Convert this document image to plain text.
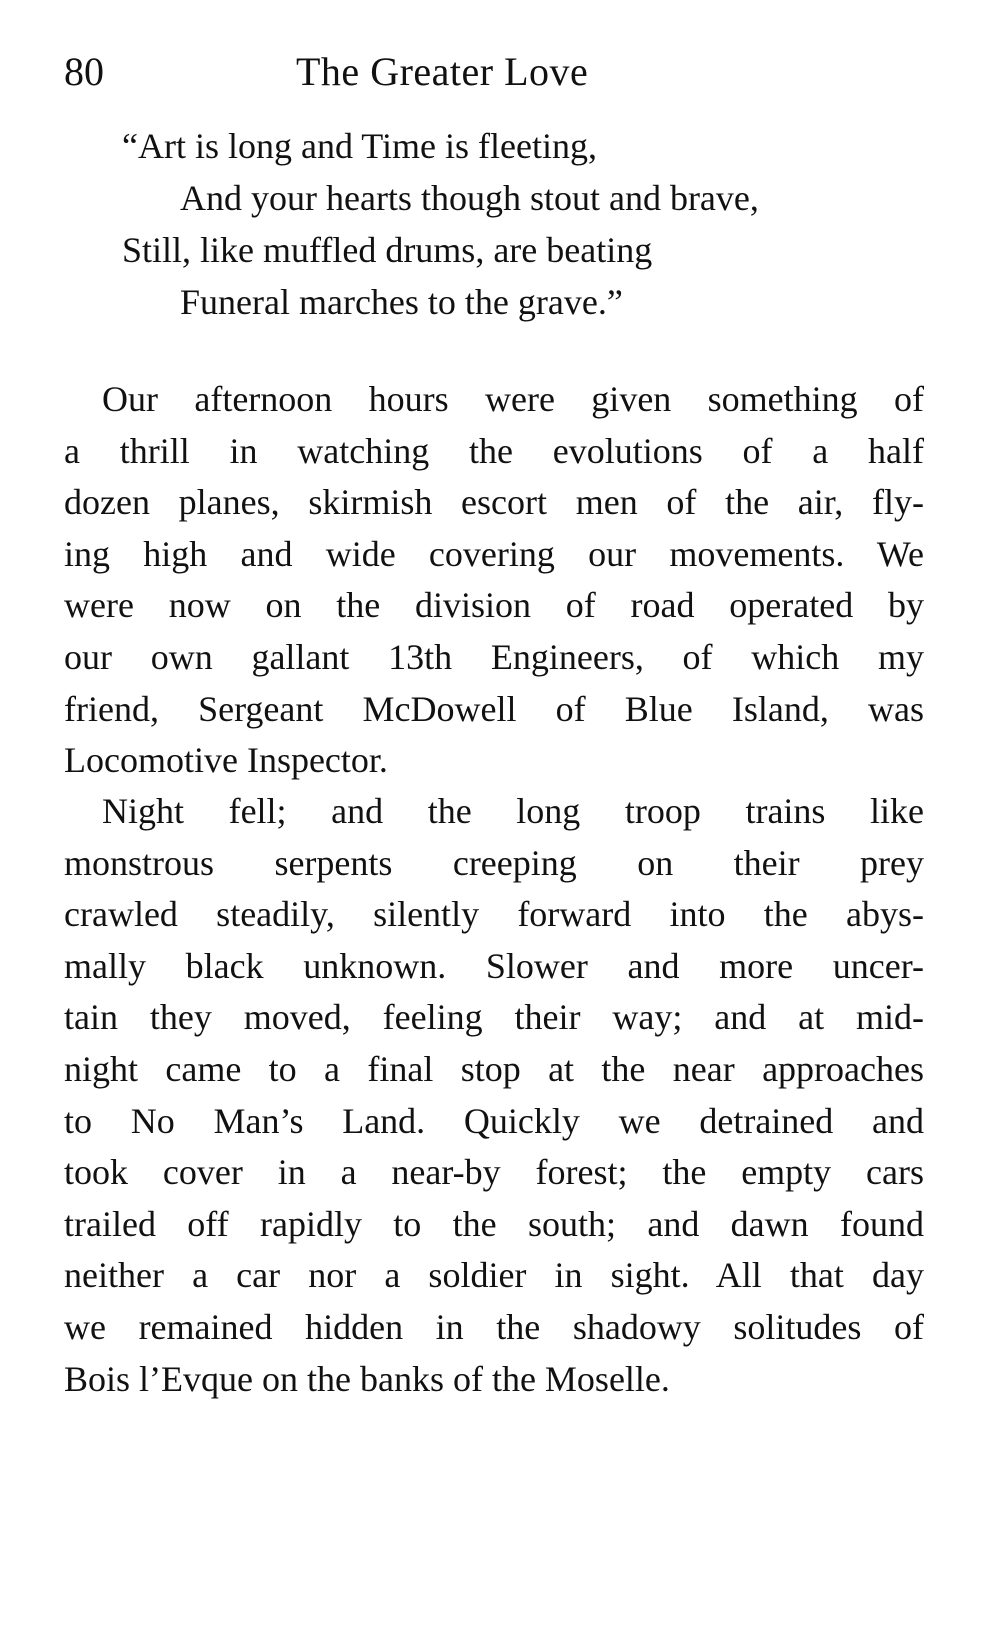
80	The Greater Love
“Art is long and Time is fleeting,
And your hearts though stout and brave,
Still, like muffled drums, are beating
Funeral marches to the grave.”
Our afternoon hours were given something of
a thrill in watching the evolutions of a half
dozen planes, skirmish escort men of the air, fly-
ing high and wide covering our movements. We
were now on the division of road operated by
our own gallant 13th Engineers, of which my
friend, Sergeant McDowell of Blue Island, was
Locomotive Inspector.
Night fell; and the long troop trains like
monstrous serpents creeping on their prey
crawled steadily, silently forward into the abys-
mally black unknown. Slower and more uncer-
tain they moved, feeling their way; and at mid-
night came to a final stop at the near approaches
to No Man’s Land. Quickly we detrained and
took cover in a near-by forest; the empty cars
trailed off rapidly to the south; and dawn found
neither a car nor a soldier in sight. All that day
we remained hidden in the shadowy solitudes of
Bois l’Evque on the banks of the Moselle.
